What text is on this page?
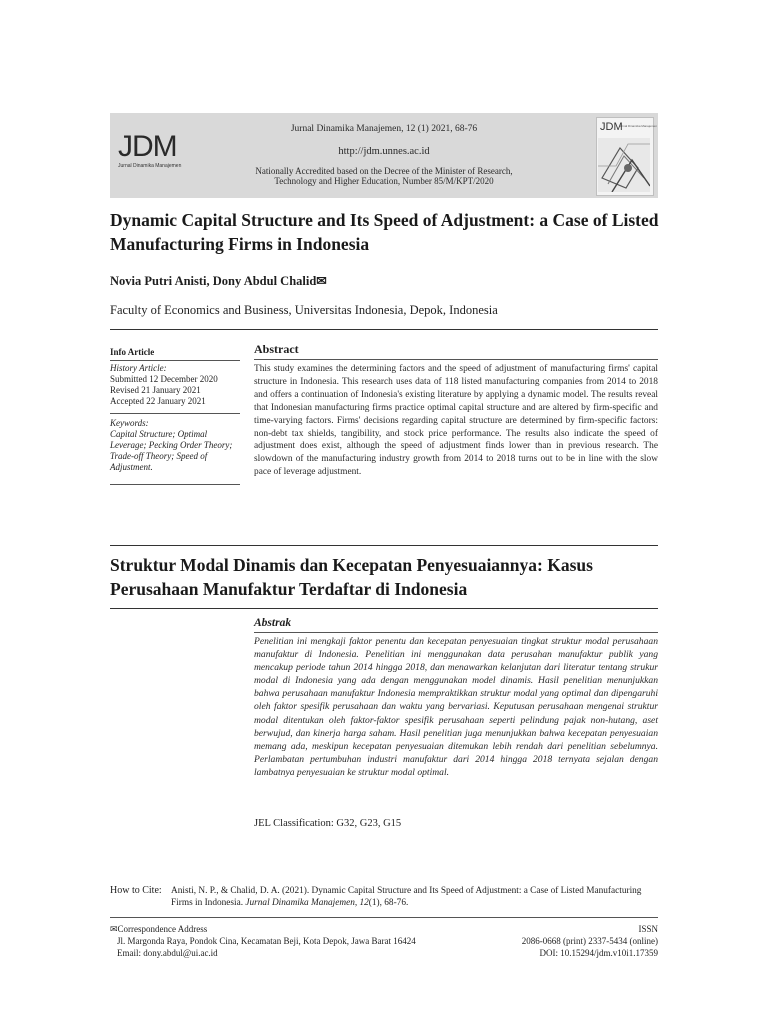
JDM
Jurnal Dinamika Manajemen
Jurnal Dinamika Manajemen, 12 (1) 2021, 68-76
http://jdm.unnes.ac.id
Nationally Accredited based on the Decree of the Minister of Research,
Technology and Higher Education, Number 85/M/KPT/2020
JDM
Jurnal Dinamika Manajemen
Dynamic Capital Structure and Its Speed of Adjustment: a Case of Listed Manufacturing Firms in Indonesia
Novia Putri Anisti, Dony Abdul Chalid✉
Faculty of Economics and Business, Universitas Indonesia, Depok, Indonesia
Info Article
History Article:
Submitted 12 December 2020
Revised 21 January 2021
Accepted 22 January 2021
Keywords:
Capital Structure; Optimal Leverage; Pecking Order Theory; Trade-off Theory; Speed of Adjustment.
Abstract
This study examines the determining factors and the speed of adjustment of manufacturing firms' capital structure in Indonesia. This research uses data of 118 listed manufacturing companies from 2014 to 2018 and offers a continuation of Indonesia's existing literature by applying a dynamic model. The results reveal that Indonesian manufacturing firms practice optimal capital structure and are altered by firm-specific and time-varying factors. Firms' decisions regarding capital structure are determined by firm-specific factors: non-debt tax shields, tangibility, and stock price performance. The results also indicate the speed of adjustment does exist, although the speed of adjustment finds lower than in previous research. The slowdown of the manufacturing industry growth from 2014 to 2018 turns out to be in line with the slow pace of leverage adjustment.
Struktur Modal Dinamis dan Kecepatan Penyesuaiannya: Kasus Perusahaan Manufaktur Terdaftar di Indonesia
Abstrak
Penelitian ini mengkaji faktor penentu dan kecepatan penyesuaian tingkat struktur modal perusahaan manufaktur di Indonesia. Penelitian ini menggunakan data perusahan manufaktur publik yang mencakup periode tahun 2014 hingga 2018, dan menawarkan kelanjutan dari literatur tentang strukur modal di Indonesia yang ada dengan menggunakan model dinamis. Hasil penelitian menunjukkan bahwa perusahaan manufaktur Indonesia mempraktikkan struktur modal yang optimal dan dipengaruhi oleh faktor spesifik perusahaan dan waktu yang bervariasi. Keputusan perusahaan mengenai struktur modal ditentukan oleh faktor-faktor spesifik perusahaan seperti pelindung pajak non-hutang, aset berwujud, dan kinerja harga saham. Hasil penelitian juga menunjukkan bahwa kecepatan penyesuaian memang ada, meskipun kecepatan penyesuaian ditemukan lebih rendah dari penelitian sebelumnya. Perlambatan pertumbuhan industri manufaktur dari 2014 hingga 2018 ternyata sejalan dengan lambatnya penyesuaian ke struktur modal optimal.
JEL Classification: G32, G23, G15
How to Cite: Anisti, N. P., & Chalid, D. A. (2021). Dynamic Capital Structure and Its Speed of Adjustment: a Case of Listed Manufacturing Firms in Indonesia. Jurnal Dinamika Manajemen, 12(1), 68-76.
✉Correspondence Address
Jl. Margonda Raya, Pondok Cina, Kecamatan Beji, Kota Depok, Jawa Barat 16424
Email: dony.abdul@ui.ac.id
ISSN
2086-0668 (print) 2337-5434 (online)
DOI: 10.15294/jdm.v10i1.17359
